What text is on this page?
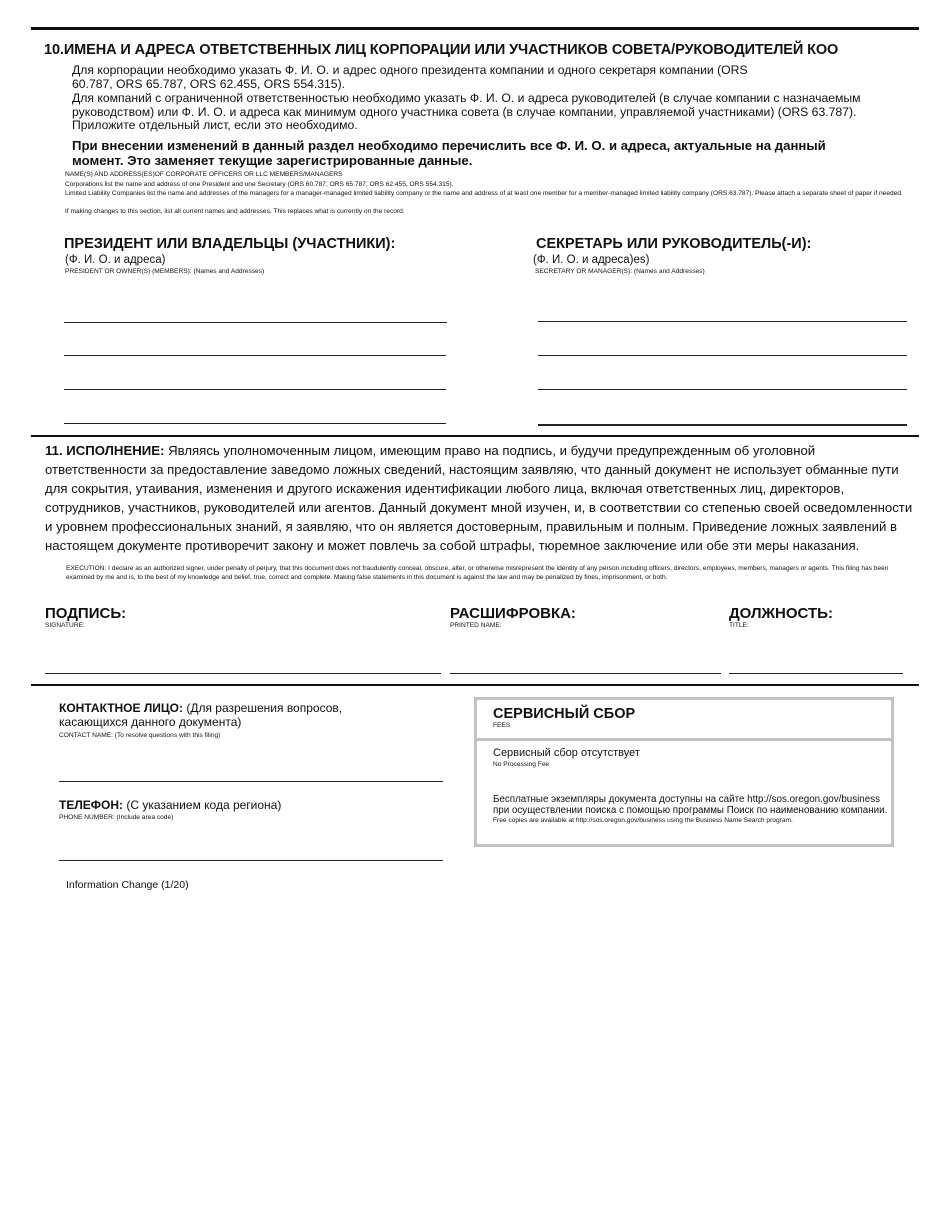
10.ИМЕНА И АДРЕСА ОТВЕТСТВЕННЫХ ЛИЦ КОРПОРАЦИИ ИЛИ УЧАСТНИКОВ СОВЕТА/РУКОВОДИТЕЛЕЙ КОО
Для корпорации необходимо указать Ф. И. О. и адрес одного президента компании и одного секретаря компании (ORS 60.787, ORS 65.787, ORS 62.455, ORS 554.315).
Для компаний с ограниченной ответственностью необходимо указать Ф. И. О. и адреса руководителей (в случае компании с назначаемым руководством) или Ф. И. О. и адреса как минимум одного участника совета (в случае компании, управляемой участниками) (ORS 63.787). Приложите отдельный лист, если это необходимо.
При внесении изменений в данный раздел необходимо перечислить все Ф. И. О. и адреса, актуальные на данный момент. Это заменяет текущие зарегистрированные данные.
NAME(S) AND ADDRESS(ES)OF CORPORATE OFFICERS OR LLC MEMBERS/MANAGERS
Corporations list the name and address of one President and one Secretary (ORS 60.787, ORS 65.787, ORS 62.455, ORS 554.315).
Limited Liability Companies list the name and addresses of the managers for a manager-managed limited liability company or the name and address of at least one member for a member-managed limited liability company (ORS 63.787). Please attach a separate sheet of paper if needed.
If making changes to this section, list all current names and addresses. This replaces what is currently on the record.
ПРЕЗИДЕНТ ИЛИ ВЛАДЕЛЬЦЫ (УЧАСТНИКИ):
(Ф. И. О. и адреса)
PRESIDENT OR OWNER(S) (MEMBERS): (Names and Addresses)
СЕКРЕТАРЬ ИЛИ РУКОВОДИТЕЛЬ(-И):
(Ф. И. О. и адреса)es)
SECRETARY OR MANAGER(S): (Names and Addresses)
11. ИСПОЛНЕНИЕ: Являясь уполномоченным лицом, имеющим право на подпись, и будучи предупрежденным об уголовной ответственности за предоставление заведомо ложных сведений, настоящим заявляю, что данный документ не использует обманные пути для сокрытия, утаивания, изменения и другого искажения идентификации любого лица, включая ответственных лиц, директоров, сотрудников, участников, руководителей или агентов. Данный документ мной изучен, и, в соответствии со степенью своей осведомленности и уровнем профессиональных знаний, я заявляю, что он является достоверным, правильным и полным. Приведение ложных заявлений в настоящем документе противоречит закону и может повлечь за собой штрафы, тюремное заключение или обе эти меры наказания.
EXECUTION: I declare as an authorized signer, under penalty of perjury, that this document does not fraudulently conceal, obscure, alter, or otherwise misrepresent the identity of any person including officers, directors, employees, members, managers or agents. This filing has been examined by me and is, to the best of my knowledge and belief, true, correct and complete. Making false statements in this document is against the law and may be penalized by fines, imprisonment, or both.
ПОДПИСЬ:
SIGNATURE:
РАСШИФРОВКА:
PRINTED NAME:
ДОЛЖНОСТЬ:
TITLE:
КОНТАКТНОЕ ЛИЦО: (Для разрешения вопросов, касающихся данного документа)
CONTACT NAME: (To resolve questions with this filing)
ТЕЛЕФОН: (С указанием кода региона)
PHONE NUMBER: (Include area code)
Information Change (1/20)
СЕРВИСНЫЙ СБОР
FEES
Сервисный сбор отсутствует
No Processing Fee
Бесплатные экземпляры документа доступны на сайте http://sos.oregon.gov/business при осуществлении поиска с помощью программы Поиск по наименованию компании.
Free copies are available at http://sos.oregon.gov/business using the Business Name Search program.
